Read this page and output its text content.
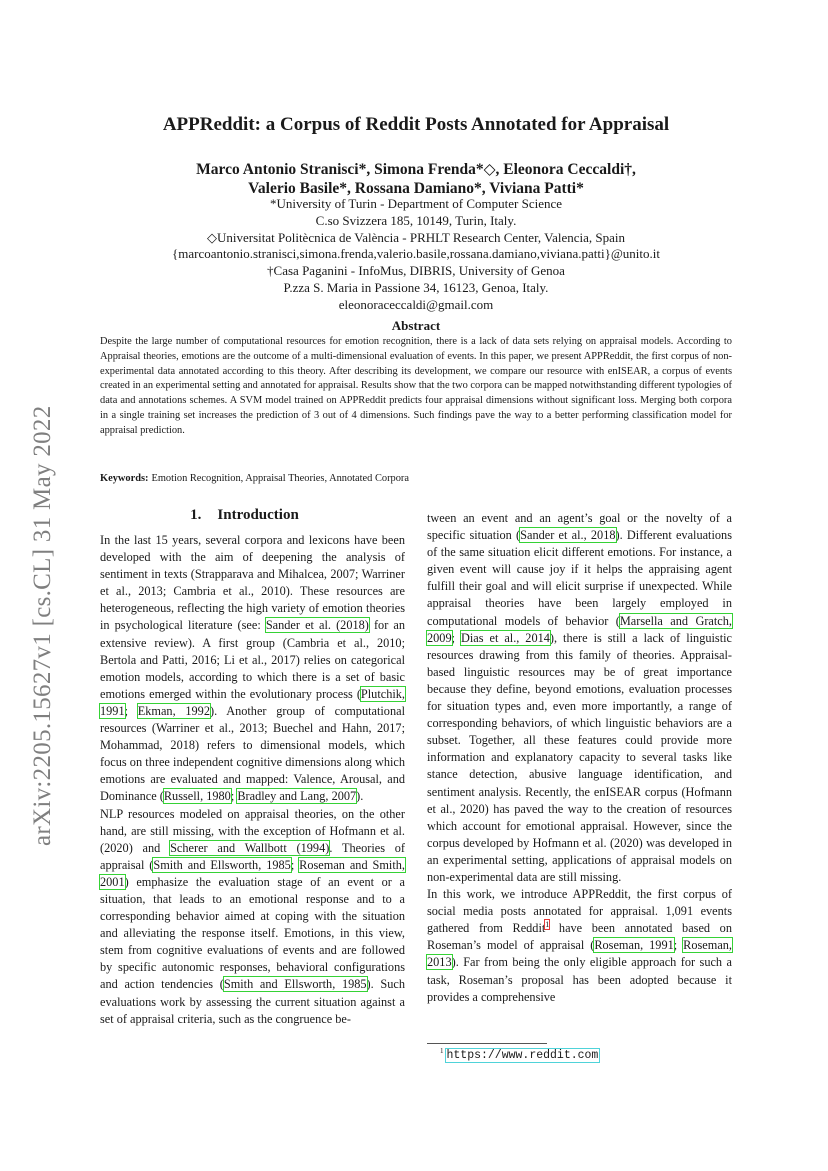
arXiv:2205.15627v1 [cs.CL] 31 May 2022
APPReddit: a Corpus of Reddit Posts Annotated for Appraisal
Marco Antonio Stranisci*, Simona Frenda*◇, Eleonora Ceccaldi†,
Valerio Basile*, Rossana Damiano*, Viviana Patti*
*University of Turin - Department of Computer Science
C.so Svizzera 185, 10149, Turin, Italy.
◇Universitat Politècnica de València - PRHLT Research Center, Valencia, Spain
{marcoantonio.stranisci,simona.frenda,valerio.basile,rossana.damiano,viviana.patti}@unito.it
†Casa Paganini - InfoMus, DIBRIS, University of Genoa
P.zza S. Maria in Passione 34, 16123, Genoa, Italy.
eleonoraceccaldi@gmail.com
Abstract
Despite the large number of computational resources for emotion recognition, there is a lack of data sets relying on appraisal models. According to Appraisal theories, emotions are the outcome of a multi-dimensional evaluation of events. In this paper, we present APPReddit, the first corpus of non-experimental data annotated according to this theory. After describing its development, we compare our resource with enISEAR, a corpus of events created in an experimental setting and annotated for appraisal. Results show that the two corpora can be mapped notwithstanding different typologies of data and annotations schemes. A SVM model trained on APPReddit predicts four appraisal dimensions without significant loss. Merging both corpora in a single training set increases the prediction of 3 out of 4 dimensions. Such findings pave the way to a better performing classification model for appraisal prediction.
Keywords: Emotion Recognition, Appraisal Theories, Annotated Corpora
1. Introduction

In the last 15 years, several corpora and lexicons have been developed with the aim of deepening the analysis of sentiment in texts (Strapparava and Mihalcea, 2007; Warriner et al., 2013; Cambria et al., 2010). These resources are heterogeneous, reflecting the high variety of emotion theories in psychological literature (see: Sander et al. (2018) for an extensive review). A first group (Cambria et al., 2010; Bertola and Patti, 2016; Li et al., 2017) relies on categorical emotion models, according to which there is a set of basic emotions emerged within the evolutionary process (Plutchik, 1991; Ekman, 1992). Another group of computational resources (Warriner et al., 2013; Buechel and Hahn, 2017; Mohammad, 2018) refers to dimensional models, which focus on three independent cognitive dimensions along which emotions are evaluated and mapped: Valence, Arousal, and Dominance (Russell, 1980; Bradley and Lang, 2007).

NLP resources modeled on appraisal theories, on the other hand, are still missing, with the exception of Hofmann et al. (2020) and Scherer and Wallbott (1994). Theories of appraisal (Smith and Ellsworth, 1985; Roseman and Smith, 2001) emphasize the evaluation stage of an event or a situation, that leads to an emotional response and to a corresponding behavior aimed at coping with the situation and alleviating the response itself. Emotions, in this view, stem from cognitive evaluations of events and are followed by specific autonomic responses, behavioral configurations and action tendencies (Smith and Ellsworth, 1985). Such evaluations work by assessing the current situation against a set of appraisal criteria, such as the congruence be-

tween an event and an agent’s goal or the novelty of a specific situation (Sander et al., 2018). Different evaluations of the same situation elicit different emotions. For instance, a given event will cause joy if it helps the appraising agent fulfill their goal and will elicit surprise if unexpected. While appraisal theories have been largely employed in computational models of behavior (Marsella and Gratch, 2009; Dias et al., 2014), there is still a lack of linguistic resources drawing from this family of theories. Appraisal-based linguistic resources may be of great importance because they define, beyond emotions, evaluation processes for situation types and, even more importantly, a range of corresponding behaviors, of which linguistic behaviors are a subset. Together, all these features could provide more information and explanatory capacity to several tasks like stance detection, abusive language identification, and sentiment analysis. Recently, the enISEAR corpus (Hofmann et al., 2020) has paved the way to the creation of resources which account for emotional appraisal. However, since the corpus developed by Hofmann et al. (2020) was developed in an experimental setting, applications of appraisal models on non-experimental data are still missing.

In this work, we introduce APPReddit, the first corpus of social media posts annotated for appraisal. 1,091 events gathered from Reddit$^1$ have been annotated based on Roseman’s model of appraisal (Roseman, 1991; Roseman, 2013). Far from being the only eligible approach for such a task, Roseman’s proposal has been adopted because it provides a comprehensive

$^1$ https://www.reddit.com
